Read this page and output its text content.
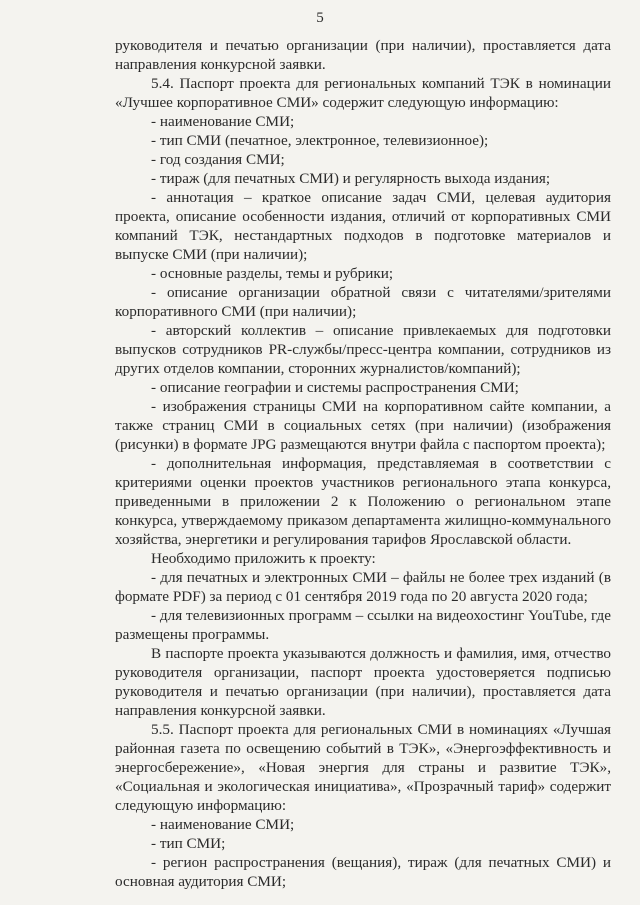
5

руководителя и печатью организации (при наличии), проставляется дата направления конкурсной заявки.

5.4. Паспорт проекта для региональных компаний ТЭК в номинации «Лучшее корпоративное СМИ» содержит следующую информацию:

- наименование СМИ;

- тип СМИ (печатное, электронное, телевизионное);

- год создания СМИ;

- тираж (для печатных СМИ) и регулярность выхода издания;

- аннотация – краткое описание задач СМИ, целевая аудитория проекта, описание особенности издания, отличий от корпоративных СМИ компаний ТЭК, нестандартных подходов в подготовке материалов и выпуске СМИ (при наличии);

- основные разделы, темы и рубрики;

- описание организации обратной связи с читателями/зрителями корпоративного СМИ (при наличии);

- авторский коллектив – описание привлекаемых для подготовки выпусков сотрудников PR-службы/пресс-центра компании, сотрудников из других отделов компании, сторонних журналистов/компаний);

- описание географии и системы распространения СМИ;

- изображения страницы СМИ на корпоративном сайте компании, а также страниц СМИ в социальных сетях (при наличии) (изображения (рисунки) в формате JPG размещаются внутри файла с паспортом проекта);

- дополнительная информация, представляемая в соответствии с критериями оценки проектов участников регионального этапа конкурса, приведенными в приложении 2 к Положению о региональном этапе конкурса, утверждаемому приказом департамента жилищно-коммунального хозяйства, энергетики и регулирования тарифов Ярославской области.

Необходимо приложить к проекту:

- для печатных и электронных СМИ – файлы не более трех изданий (в формате PDF) за период с 01 сентября 2019 года по 20 августа 2020 года;

- для телевизионных программ – ссылки на видеохостинг YouTube, где размещены программы.

В паспорте проекта указываются должность и фамилия, имя, отчество руководителя организации, паспорт проекта удостоверяется подписью руководителя и печатью организации (при наличии), проставляется дата направления конкурсной заявки.

5.5. Паспорт проекта для региональных СМИ в номинациях «Лучшая районная газета по освещению событий в ТЭК», «Энергоэффективность и энергосбережение», «Новая энергия для страны и развитие ТЭК», «Социальная и экологическая инициатива», «Прозрачный тариф» содержит следующую информацию:

- наименование СМИ;

- тип СМИ;

- регион распространения (вещания), тираж (для печатных СМИ) и основная аудитория СМИ;
